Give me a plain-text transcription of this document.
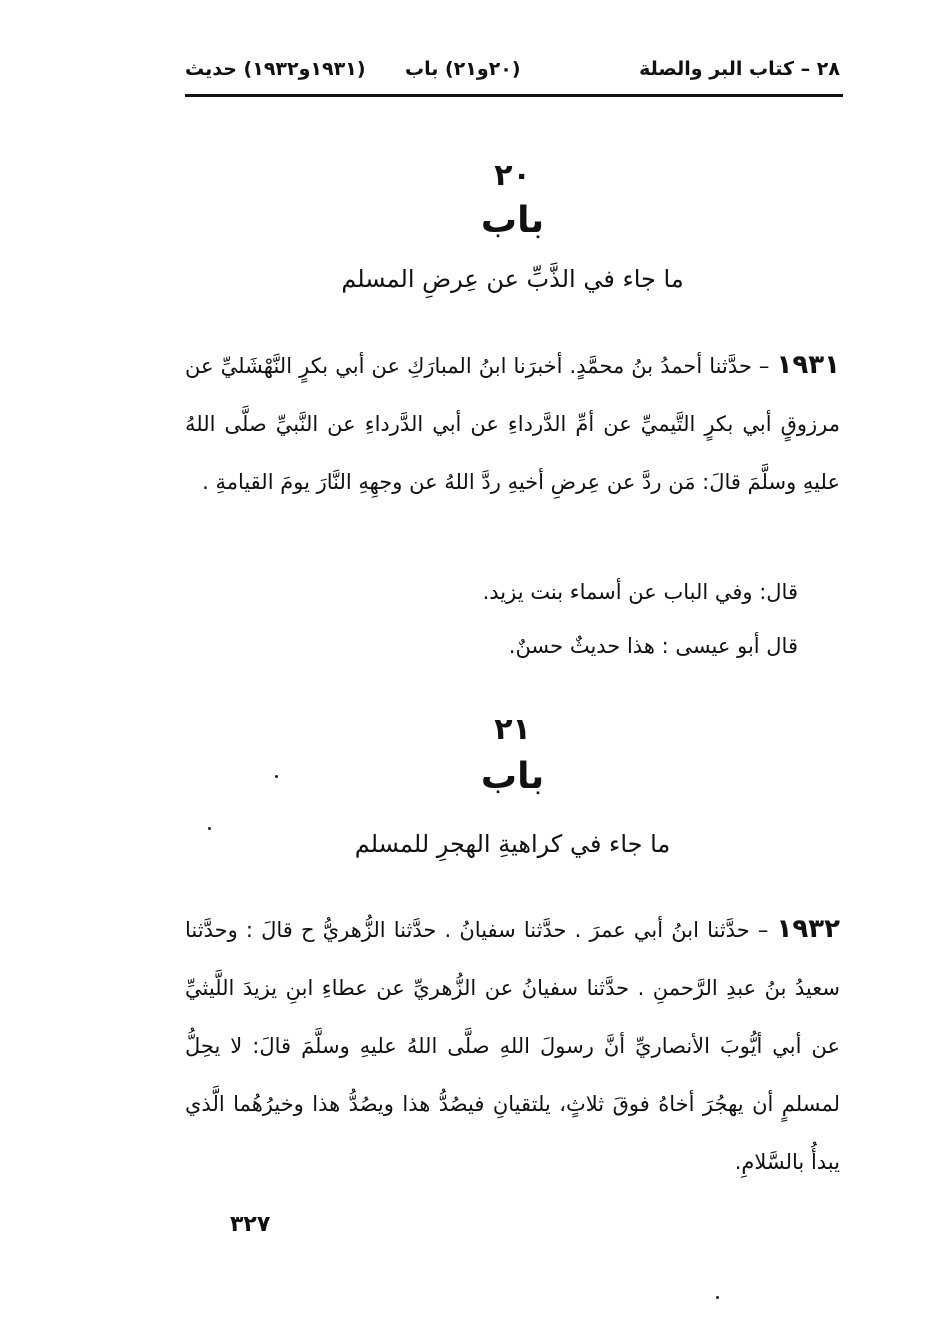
٢٨ – كتاب البر والصلة
(٢٠و٢١) باب
(١٩٣١و١٩٣٢) حديث
٢٠
باب
ما جاء في الذَّبِّ عن عِرضِ المسلم
١٩٣١ – حدَّثنا أحمدُ بنُ محمَّدٍ. أخبرَنا ابنُ المبارَكِ عن أبي بكرٍ النَّهْشَليِّ عن مرزوقٍ أبي بكرٍ التَّيميِّ عن أمِّ الدَّرداءِ عن أبي الدَّرداءِ عن النَّبيِّ صلَّى اللهُ عليهِ وسلَّمَ قالَ: مَن ردَّ عن عِرضِ أخيهِ ردَّ اللهُ عن وجهِهِ النَّارَ يومَ القيامةِ .
قال: وفي الباب عن أسماء بنت يزيد.
قال أبو عيسى : هذا حديثٌ حسنٌ.
٢١
باب
ما جاء في كراهيةِ الهجرِ للمسلم
١٩٣٢ – حدَّثنا ابنُ أبي عمرَ . حدَّثنا سفيانُ . حدَّثنا الزُّهريُّ ح قالَ : وحدَّثنا سعيدُ بنُ عبدِ الرَّحمنِ . حدَّثنا سفيانُ عن الزُّهريِّ عن عطاءِ ابنِ يزيدَ اللَّيثيِّ عن أبي أيُّوبَ الأنصاريِّ أنَّ رسولَ اللهِ صلَّى اللهُ عليهِ وسلَّمَ قالَ: لا يحِلُّ لمسلمٍ أن يهجُرَ أخاهُ فوقَ ثلاثٍ، يلتقيانِ فيصُدُّ هذا ويصُدُّ هذا وخيرُهُما الَّذي يبدأُ بالسَّلامِ.
٣٢٧
